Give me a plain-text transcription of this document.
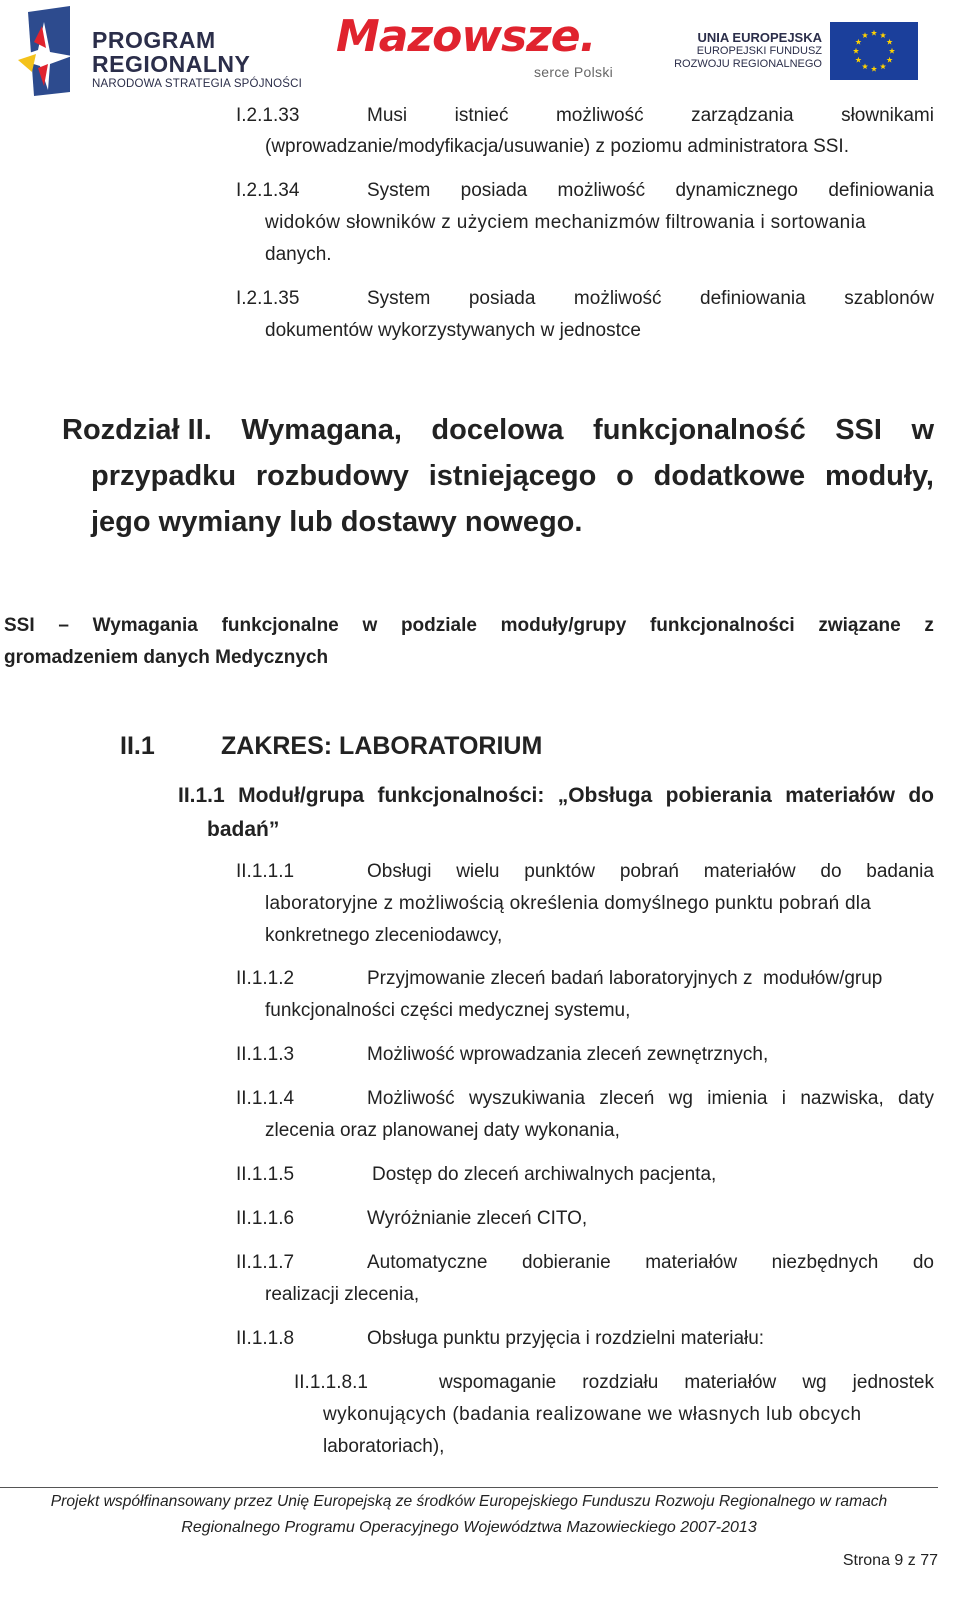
PROGRAM
REGIONALNY
NARODOWA STRATEGIA SPÓJNOŚCI
Mazowsze.
serce Polski
UNIA EUROPEJSKA
EUROPEJSKI FUNDUSZ
ROZWOJU REGIONALNEGO
I.2.1.33	Musi	istnieć	możliwość	zarządzania	słownikami
(wprowadzanie/modyfikacja/usuwanie) z poziomu administratora SSI.
I.2.1.34	System posiada możliwość dynamicznego definiowania
widoków słowników z użyciem mechanizmów filtrowania i sortowania
danych.
I.2.1.35	System posiada możliwość definiowania szablonów
dokumentów wykorzystywanych w jednostce
Rozdział II. Wymagana, docelowa funkcjonalność SSI w
przypadku rozbudowy istniejącego o dodatkowe moduły,
jego wymiany lub dostawy nowego.
SSI – Wymagania funkcjonalne w podziale moduły/grupy funkcjonalności związane z
gromadzeniem danych Medycznych
II.1	ZAKRES: LABORATORIUM
II.1.1 Moduł/grupa funkcjonalności: „Obsługa pobierania materiałów do
badań”
II.1.1.1	Obsługi wielu punktów pobrań materiałów do badania
laboratoryjne z możliwością określenia domyślnego punktu pobrań dla
konkretnego zleceniodawcy,
II.1.1.2	Przyjmowanie zleceń badań laboratoryjnych z  modułów/grup
funkcjonalności części medycznej systemu,
II.1.1.3	Możliwość wprowadzania zleceń zewnętrznych,
II.1.1.4	Możliwość wyszukiwania zleceń wg imienia i nazwiska, daty
zlecenia oraz planowanej daty wykonania,
II.1.1.5	Dostęp do zleceń archiwalnych pacjenta,
II.1.1.6	Wyróżnianie zleceń CITO,
II.1.1.7	Automatyczne dobieranie materiałów niezbędnych do
realizacji zlecenia,
II.1.1.8	Obsługa punktu przyjęcia i rozdzielni materiału:
II.1.1.8.1	wspomaganie rozdziału materiałów wg jednostek
wykonujących (badania realizowane we własnych lub obcych
laboratoriach),
Projekt współfinansowany przez Unię Europejską ze środków Europejskiego Funduszu Rozwoju Regionalnego w ramach
Regionalnego Programu Operacyjnego Województwa Mazowieckiego 2007-2013
Strona 9 z 77
